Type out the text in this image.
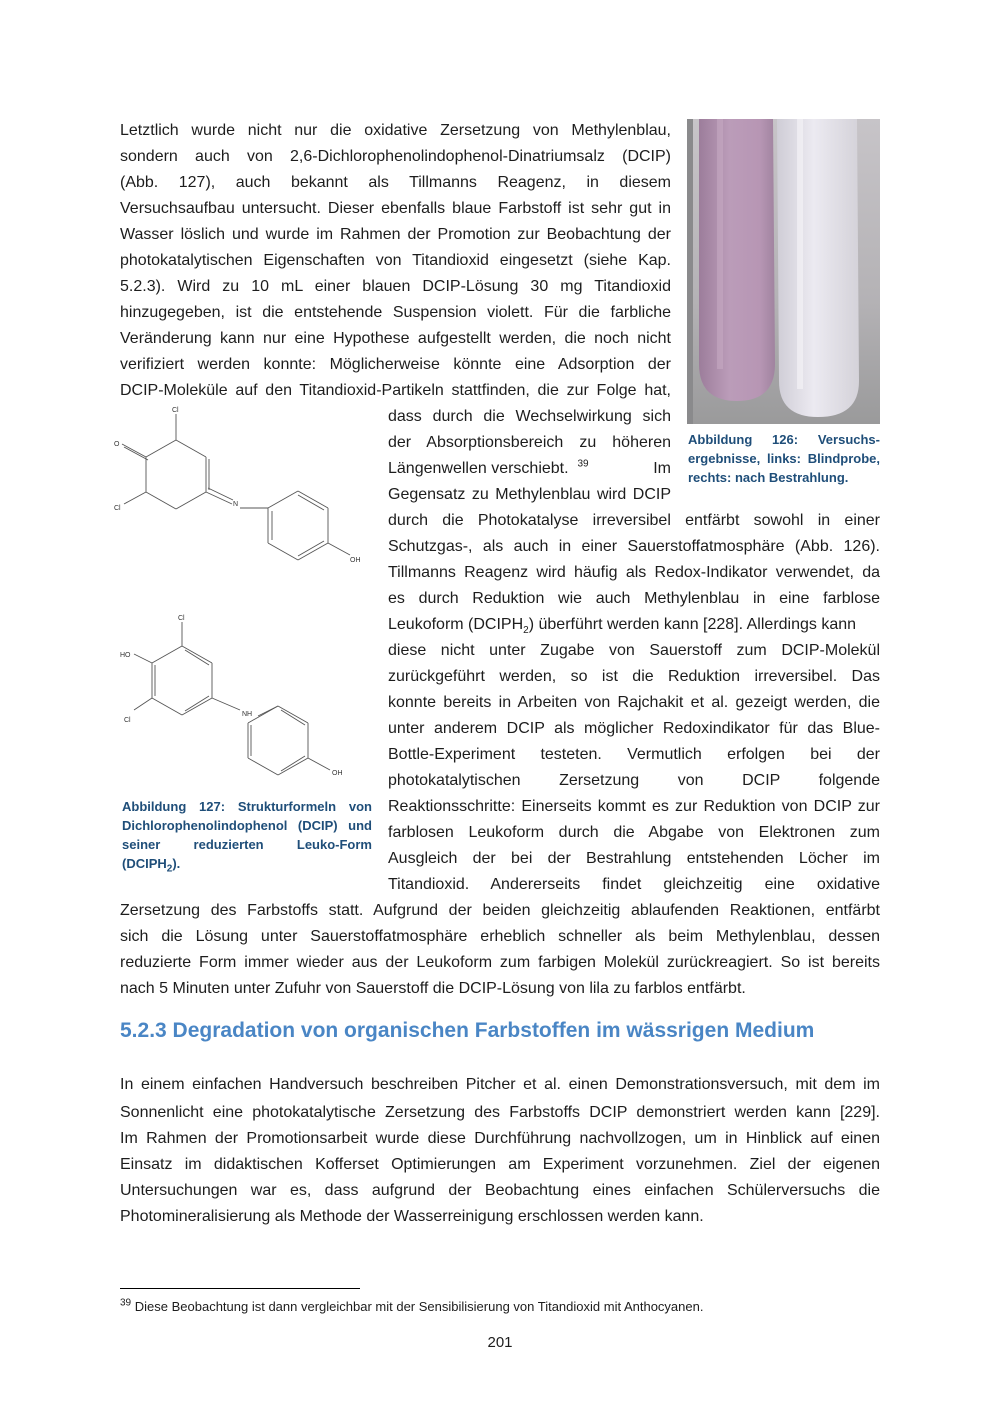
Letztlich wurde nicht nur die oxidative Zersetzung von Methylenblau,
sondern auch von 2,6-Dichlorophenolindophenol-Dinatriumsalz (DCIP)
(Abb. 127), auch bekannt als Tillmanns Reagenz, in diesem
Versuchsaufbau untersucht. Dieser ebenfalls blaue Farbstoff ist sehr gut in
Wasser löslich und wurde im Rahmen der Promotion zur Beobachtung der
photokatalytischen Eigenschaften von Titandioxid eingesetzt (siehe Kap.
5.2.3). Wird zu 10 mL einer blauen DCIP-Lösung 30 mg Titandioxid
hinzugegeben, ist die entstehende Suspension violett. Für die farbliche
Veränderung kann nur eine Hypothese aufgestellt werden, die noch nicht
verifiziert werden konnte: Möglicherweise könnte eine Adsorption der
DCIP-Moleküle auf den Titandioxid-Partikeln stattfinden, die zur Folge hat,
dass durch die Wechselwirkung sich
der Absorptionsbereich zu höheren
Längenwellen verschiebt. $^{39}$	Im
Gegensatz zu Methylenblau wird DCIP
durch die Photokatalyse irreversibel entfärbt sowohl in einer
Schutzgas-, als auch in einer Sauerstoffatmosphäre (Abb. 126).
Tillmanns Reagenz wird häufig als Redox-Indikator verwendet, da
es durch Reduktion wie auch Methylenblau in eine farblose
Leukoform $(DCIPH_2)$ überführt werden kann [228]. Allerdings kann
diese nicht unter Zugabe von Sauerstoff zum DCIP-Molekül
zurückgeführt werden, so ist die Reduktion irreversibel. Das
konnte bereits in Arbeiten von Rajchakit et al. gezeigt werden, die
unter anderem DCIP als möglicher Redoxindikator für das Blue-
Bottle-Experiment testeten. Vermutlich erfolgen bei der
photokatalytischen Zersetzung von DCIP folgende
Reaktionsschritte: Einerseits kommt es zur Reduktion von DCIP zur
farblosen Leukoform durch die Abgabe von Elektronen zum
Ausgleich der bei der Bestrahlung entstehenden Löcher im
Titandioxid. Andererseits findet gleichzeitig eine oxidative
Zersetzung des Farbstoffs statt. Aufgrund der beiden gleichzeitig ablaufenden Reaktionen, entfärbt
sich die Lösung unter Sauerstoffatmosphäre erheblich schneller als beim Methylenblau, dessen
reduzierte Form immer wieder aus der Leukoform zum farbigen Molekül zurückreagiert. So ist bereits
nach 5 Minuten unter Zufuhr von Sauerstoff die DCIP-Lösung von lila zu farblos entfärbt.
Abbildung 126: Versuchs-
ergebnisse, links: Blindprobe,
rechts: nach Bestrahlung.
Cl
O
Cl
N
OH
Cl
HO
Cl
NH
OH
Abbildung 127: Strukturformeln von
Dichlorophenolindophenol (DCIP) und
seiner reduzierten Leuko-Form
$(DCIPH_2)$.
5.2.3 Degradation von organischen Farbstoffen im wässrigen Medium
In einem einfachen Handversuch beschreiben Pitcher et al. einen Demonstrationsversuch, mit dem im
Sonnenlicht eine photokatalytische Zersetzung des Farbstoffs DCIP demonstriert werden kann [229].
Im Rahmen der Promotionsarbeit wurde diese Durchführung nachvollzogen, um in Hinblick auf einen
Einsatz im didaktischen Kofferset Optimierungen am Experiment vorzunehmen. Ziel der eigenen
Untersuchungen war es, dass aufgrund der Beobachtung eines einfachen Schülerversuchs die
Photomineralisierung als Methode der Wasserreinigung erschlossen werden kann.
$^{39}$ Diese Beobachtung ist dann vergleichbar mit der Sensibilisierung von Titandioxid mit Anthocyanen.
201
